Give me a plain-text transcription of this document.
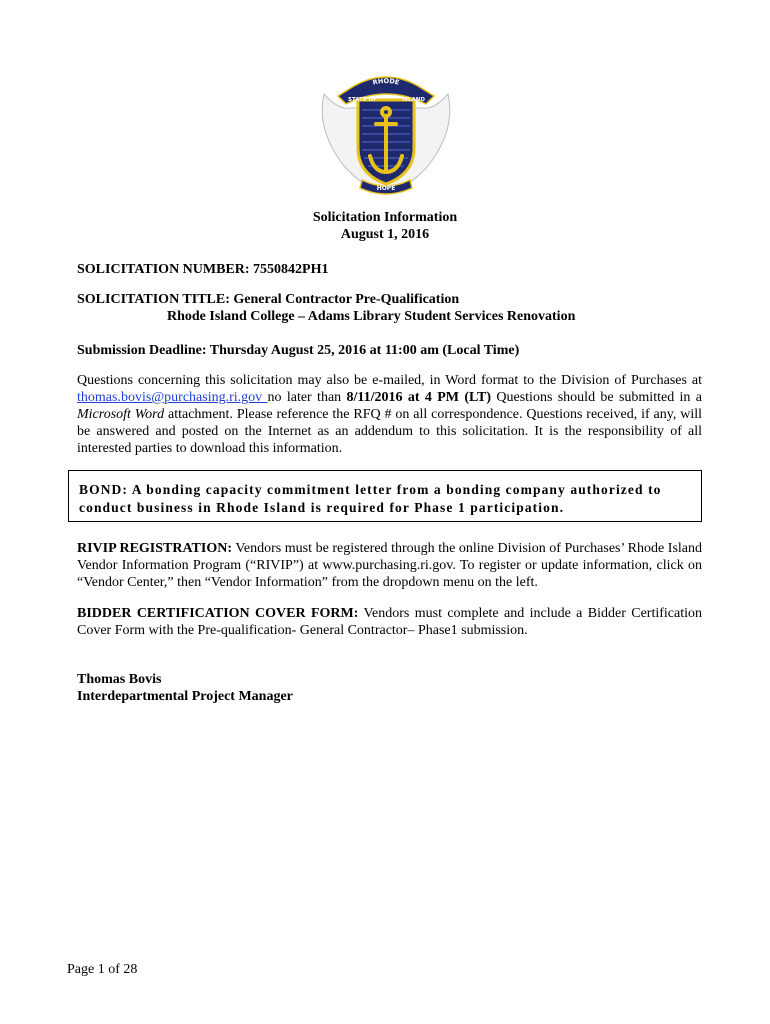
RHODE
STATE OF	ISLAND
HOPE
Solicitation Information
August 1, 2016
SOLICITATION NUMBER: 7550842PH1
SOLICITATION TITLE: General Contractor Pre-Qualification
Rhode Island College – Adams Library Student Services Renovation
Submission Deadline: Thursday August 25, 2016 at 11:00 am (Local Time)
Questions concerning this solicitation may also be e-mailed, in Word format to the Division of Purchases at thomas.bovis@purchasing.ri.gov no later than 8/11/2016 at 4 PM (LT) Questions should be submitted in a Microsoft Word attachment. Please reference the RFQ # on all correspondence. Questions received, if any, will be answered and posted on the Internet as an addendum to this solicitation. It is the responsibility of all interested parties to download this information.
BOND: A bonding capacity commitment letter from a bonding company authorized to conduct business in Rhode Island is required for Phase 1 participation.
RIVIP REGISTRATION: Vendors must be registered through the online Division of Purchases’ Rhode Island Vendor Information Program (“RIVIP”) at www.purchasing.ri.gov. To register or update information, click on “Vendor Center,” then “Vendor Information” from the dropdown menu on the left.
BIDDER CERTIFICATION COVER FORM: Vendors must complete and include a Bidder Certification Cover Form with the Pre-qualification- General Contractor– Phase1 submission.
Thomas Bovis
Interdepartmental Project Manager
Page 1 of 28
